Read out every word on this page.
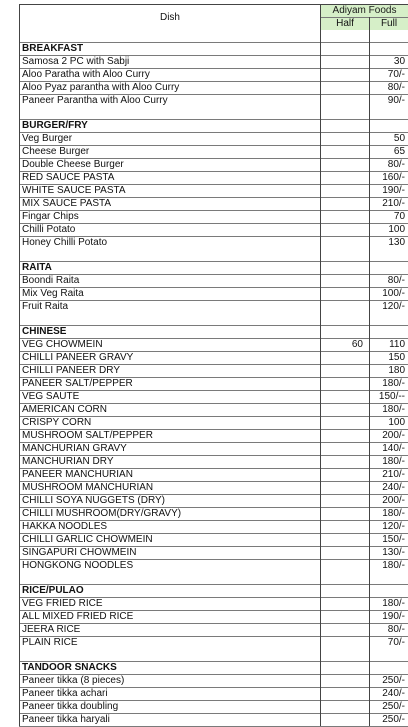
Dish	Adiyam Foods	
	Half	Full

BREAKFAST		
Samosa 2 PC with Sabji		30
Aloo Paratha with Aloo Curry		70/-
Aloo Pyaz parantha with Aloo Curry		80/-
Paneer Parantha with Aloo Curry		90/-

BURGER/FRY		
Veg Burger		50
Cheese Burger		65
Double Cheese Burger		80/-
RED SAUCE PASTA		160/-
WHITE SAUCE PASTA		190/-
MIX SAUCE PASTA		210/-
Fingar Chips		70
Chilli Potato		100
Honey Chilli Potato		130

RAITA		
Boondi Raita		80/-
Mix Veg Raita		100/-
Fruit Raita		120/-

CHINESE		
VEG CHOWMEIN	60	110
CHILLI PANEER GRAVY		150
CHILLI PANEER DRY		180
PANEER SALT/PEPPER		180/-
VEG SAUTE		150/--
AMERICAN CORN		180/-
CRISPY CORN		100
MUSHROOM SALT/PEPPER		200/-
MANCHURIAN GRAVY		140/-
MANCHURIAN DRY		180/-
PANEER MANCHURIAN		210/-
MUSHROOM MANCHURIAN		240/-
CHILLI SOYA NUGGETS (DRY)		200/-
CHILLI MUSHROOM(DRY/GRAVY)		180/-
HAKKA NOODLES		120/-
CHILLI GARLIC CHOWMEIN		150/-
SINGAPURI CHOWMEIN		130/-
HONGKONG NOODLES		180/-

RICE/PULAO		
VEG FRIED RICE		180/-
ALL MIXED FRIED RICE		190/-
JEERA RICE		80/-
PLAIN RICE		70/-

TANDOOR SNACKS		
Paneer tikka (8 pieces)		250/-
Paneer tikka achari		240/-
Paneer tikka doubling		250/-
Paneer tikka haryali		250/-
